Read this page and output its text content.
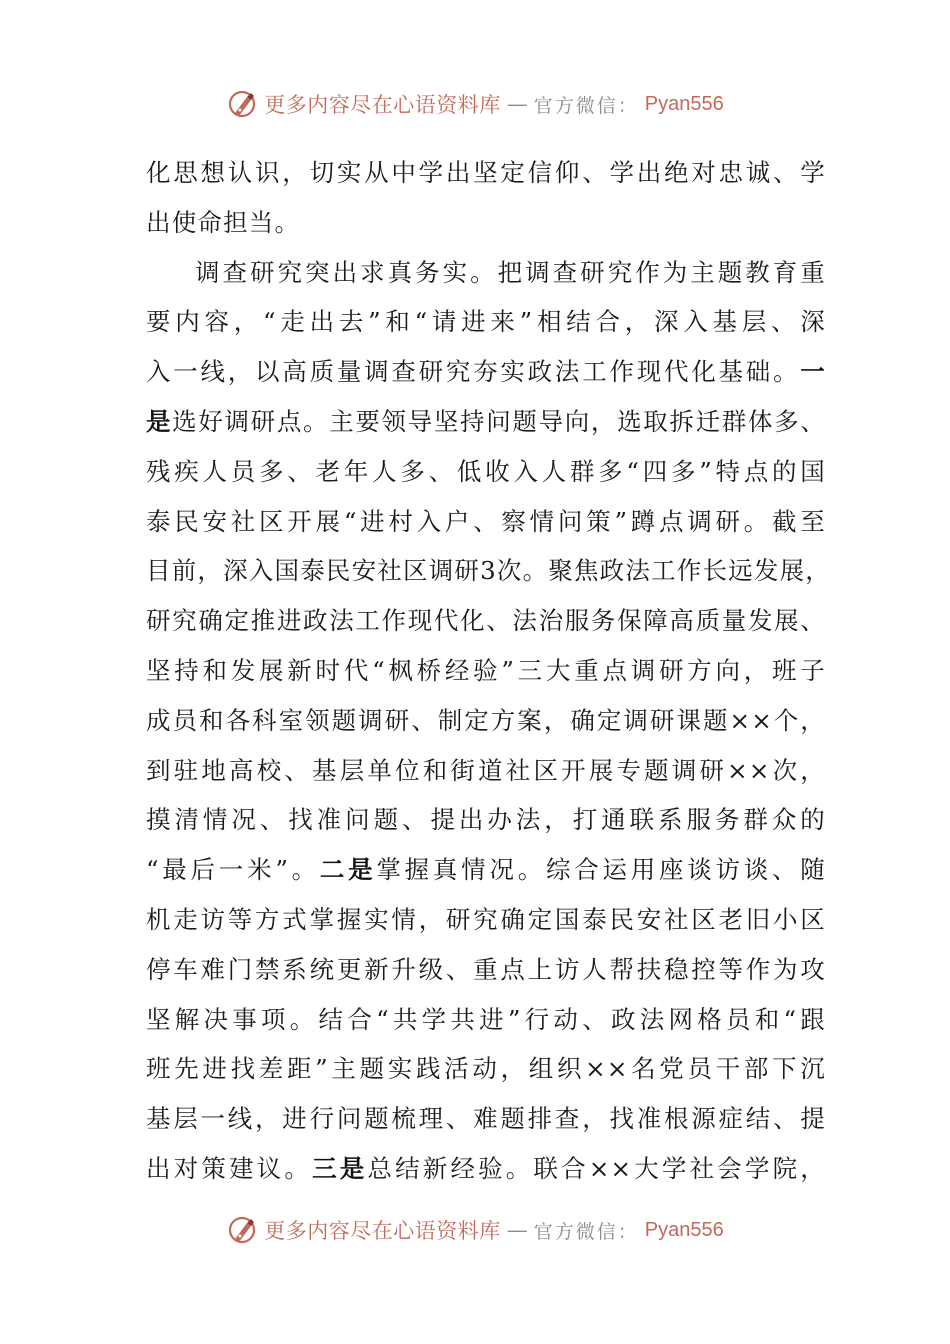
更多内容尽在心语资料库 — 官方微信： Pyan556
化思想认识，切实从中学出坚定信仰、学出绝对忠诚、学
出使命担当。
调查研究突出求真务实。把调查研究作为主题教育重
要内容，“走出去”和“请进来”相结合，深入基层、深
入一线，以高质量调查研究夯实政法工作现代化基础。一
是选好调研点。主要领导坚持问题导向，选取拆迁群体多、
残疾人员多、老年人多、低收入人群多“四多”特点的国
泰民安社区开展“进村入户、察情问策”蹲点调研。截至
目前，深入国泰民安社区调研3次。聚焦政法工作长远发展，
研究确定推进政法工作现代化、法治服务保障高质量发展、
坚持和发展新时代“枫桥经验”三大重点调研方向，班子
成员和各科室领题调研、制定方案，确定调研课题××个，
到驻地高校、基层单位和街道社区开展专题调研××次，
摸清情况、找准问题、提出办法，打通联系服务群众的
“最后一米”。二是掌握真情况。综合运用座谈访谈、随
机走访等方式掌握实情，研究确定国泰民安社区老旧小区
停车难门禁系统更新升级、重点上访人帮扶稳控等作为攻
坚解决事项。结合“共学共进”行动、政法网格员和“跟
班先进找差距”主题实践活动，组织××名党员干部下沉
基层一线，进行问题梳理、难题排查，找准根源症结、提
出对策建议。三是总结新经验。联合××大学社会学院，
更多内容尽在心语资料库 — 官方微信： Pyan556
